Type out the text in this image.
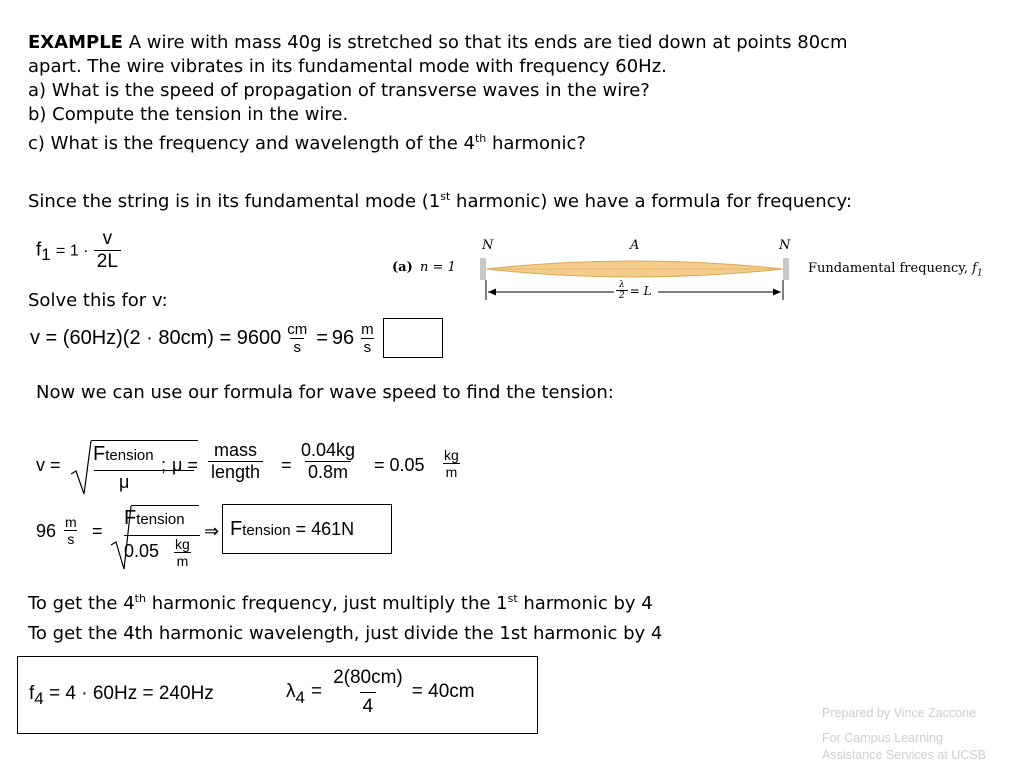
EXAMPLE A wire with mass 40g is stretched so that its ends are tied down at points 80cm
apart. The wire vibrates in its fundamental mode with frequency 60Hz.
a) What is the speed of propagation of transverse waves in the wire?
b) Compute the tension in the wire.
c) What is the frequency and wavelength of the 4th harmonic?
Since the string is in its fundamental mode (1st harmonic) we have a formula for frequency:
$f_1 = 1 \cdot \frac{v}{2L}$	(a) n = 1
N	A	N
Fundamental frequency, $f_1$
$\frac{\lambda}{2} = L$
Solve this for v:
$v = (60Hz)(2 \cdot 80cm) = 9600 \frac{cm}{s} = 96 \frac{m}{s}$
Now we can use our formula for wave speed to find the tension:
v = Ftension
μ
; $\mu = \frac{\text{mass}}{\text{length}} = \frac{0.04kg}{0.8m} = 0.05 \frac{kg}{m}$
$96 \frac{m}{s}$ =
Ftension
$0.05 \frac{kg}{m}$
⇒ Ftension = 461N
To get the 4th harmonic frequency, just multiply the 1st harmonic by 4
To get the 4th harmonic wavelength, just divide the 1st harmonic by 4
$f_4 = 4 \cdot 60Hz = 240Hz$	λ $4 = \frac{2(80cm)}{4} = 40cm$
Prepared by Vince Zaccone
For Campus Learning
Assistance Services at UCSB
